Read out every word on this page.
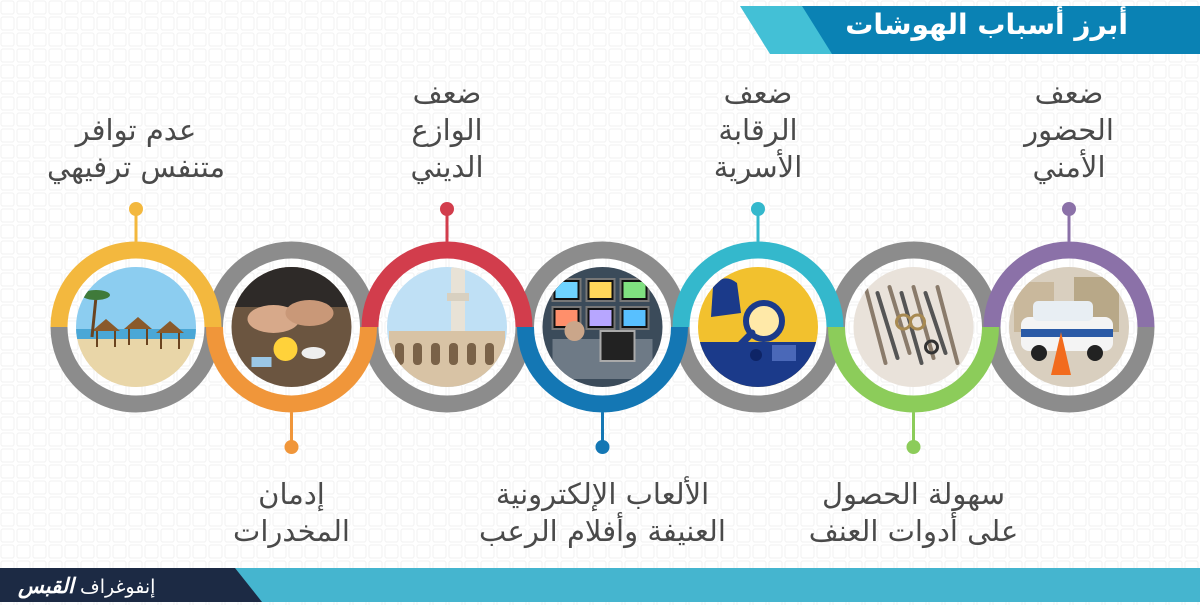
أبرز أسباب الهوشات
ضعف
الحضور
الأمني
سهولة الحصول
على أدوات العنف
ضعف
الرقابة
الأسرية
الألعاب الإلكترونية
العنيفة وأفلام الرعب
ضعف
الوازع
الديني
إدمان
المخدرات
عدم توافر
متنفس ترفيهي
إنفوغراف القبس
